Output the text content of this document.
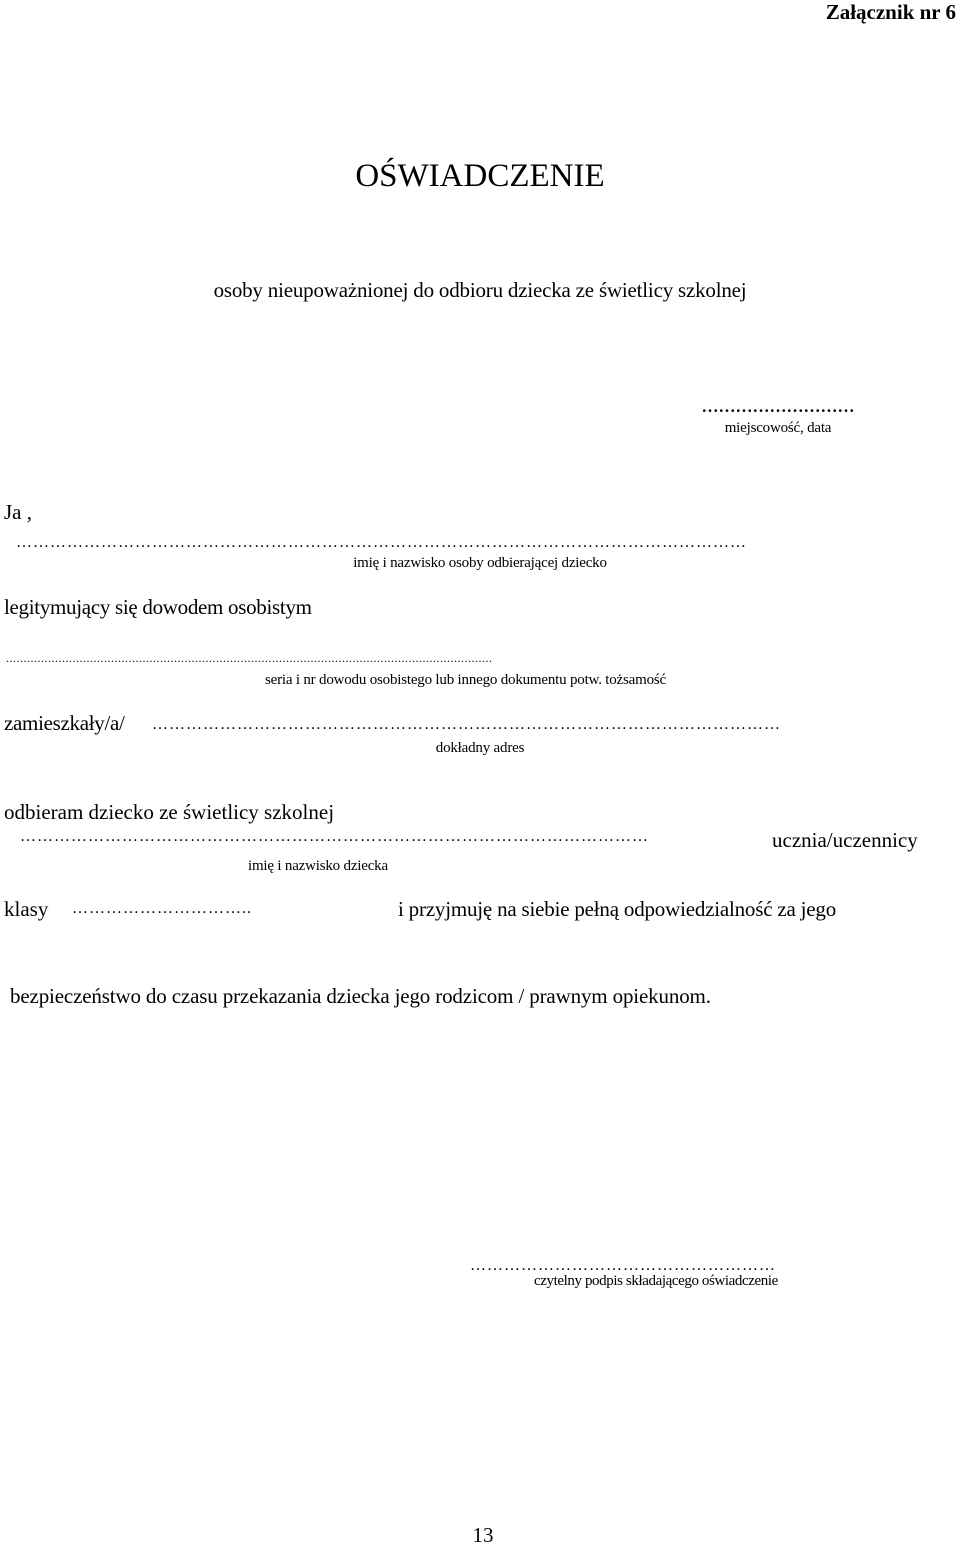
Załącznik nr 6
OŚWIADCZENIE
osoby nieupoważnionej do odbioru dziecka ze świetlicy szkolnej
………………………
miejscowość, data
Ja ,
…………………………………………………………………………………………………………………
imię i nazwisko osoby odbierającej dziecko
legitymujący się dowodem osobistym
...........................................................................................................................................
seria i nr dowodu osobistego lub innego dokumentu potw. tożsamość
zamieszkały/a/ …………………………………………………………………………………………………
dokładny adres
odbieram dziecko ze świetlicy szkolnej
…………………………………………………………………………………………………	ucznia/uczennicy
imię i nazwisko dziecka
klasy …………………………..	i przyjmuję na siebie pełną odpowiedzialność za jego
bezpieczeństwo do czasu przekazania dziecka jego rodzicom / prawnym opiekunom.
………………………………………………
czytelny podpis składającego oświadczenie
13
